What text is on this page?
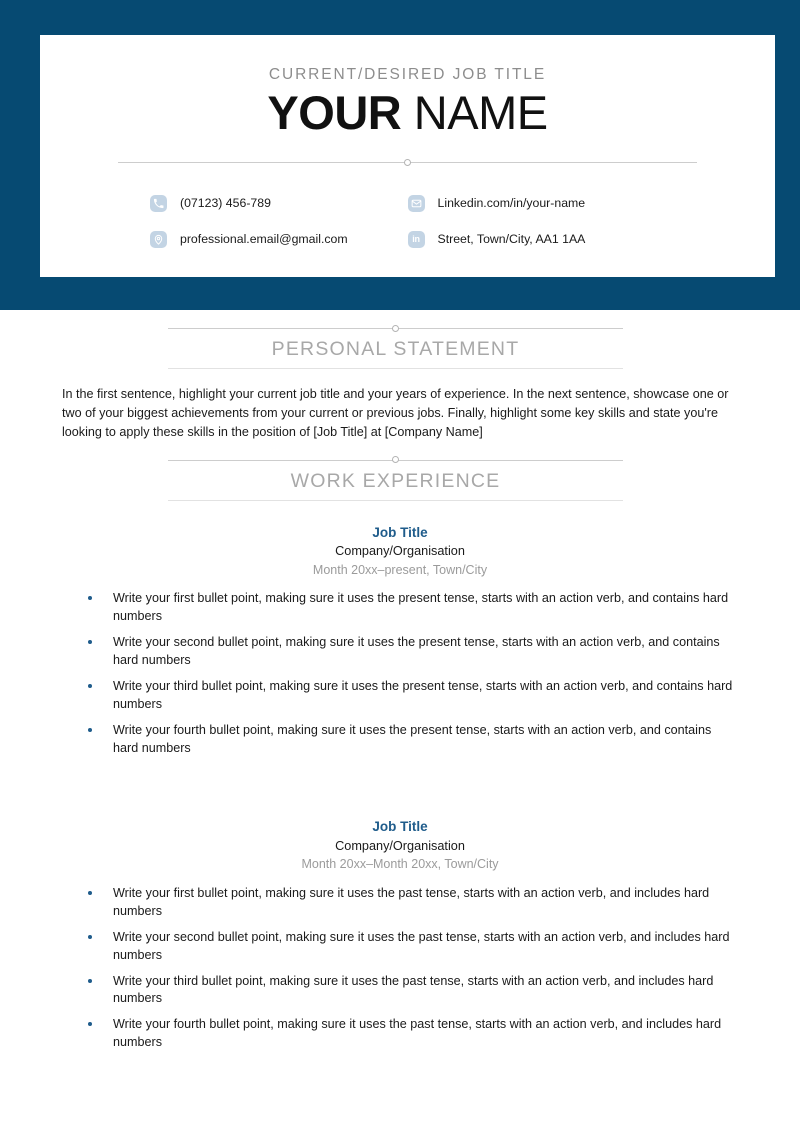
CURRENT/DESIRED JOB TITLE
YOUR NAME
(07123) 456-789	Linkedin.com/in/your-name
professional.email@gmail.com	in Street, Town/City, AA1 1AA
PERSONAL STATEMENT

In the first sentence, highlight your current job title and your years of experience. In the next sentence, showcase one or two of your biggest achievements from your current or previous jobs. Finally, highlight some key skills and state you're looking to apply these skills in the position of [Job Title] at [Company Name]

WORK EXPERIENCE
Job Title
Company/Organisation
Month 20xx–present, Town/City
Write your first bullet point, making sure it uses the present tense, starts with an action verb, and contains hard numbers
Write your second bullet point, making sure it uses the present tense, starts with an action verb, and contains hard numbers
Write your third bullet point, making sure it uses the present tense, starts with an action verb, and contains hard numbers
Write your fourth bullet point, making sure it uses the present tense, starts with an action verb, and contains hard numbers
Job Title
Company/Organisation
Month 20xx–Month 20xx, Town/City
Write your first bullet point, making sure it uses the past tense, starts with an action verb, and includes hard numbers
Write your second bullet point, making sure it uses the past tense, starts with an action verb, and includes hard numbers
Write your third bullet point, making sure it uses the past tense, starts with an action verb, and includes hard numbers
Write your fourth bullet point, making sure it uses the past tense, starts with an action verb, and includes hard numbers
